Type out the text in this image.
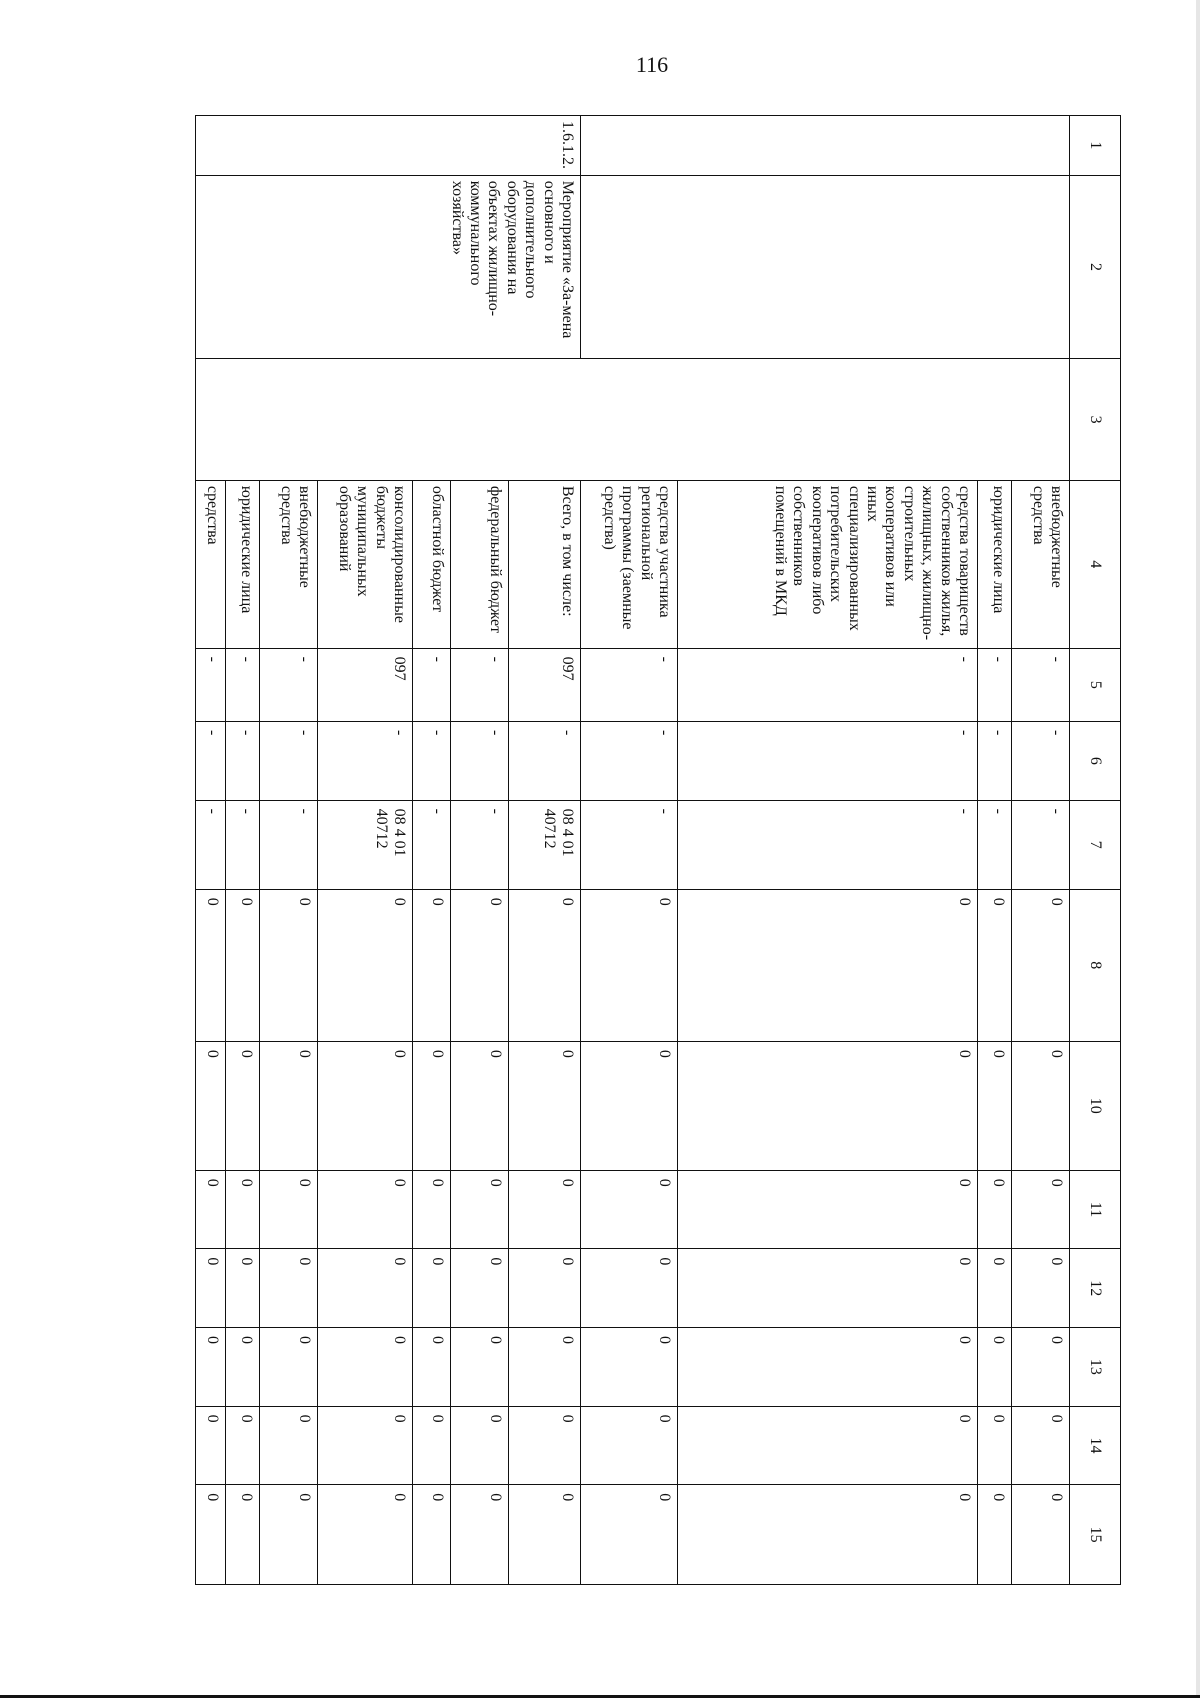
116
1	2	3	4	5	6	7	8	10	11	12	13	14	15
			внебюджетные средства	-	-	-	0	0	0	0	0	0	0
			юридические лица	-	-	-	0	0	0	0	0	0	0
			средства товариществ собственников жилья, жилищных, жилищно-строительных кооперативов или иных специализированных потребительских кооперативов либо собственников помещений в МКД	-	-	-	0	0	0	0	0	0	0
			средства участника региональной программы (заемные средства)	-	-	-	0	0	0	0	0	0	0
1.6.1.2.	Мероприятие «За-мена основного и дополнительного оборудования на объектах жилищно-коммунального хозяйства»		Всего, в том числе:	097	-	08 4 01 40712	0	0	0	0	0	0	0
			федеральный бюджет	-	-	-	0	0	0	0	0	0	0
			областной бюджет	-	-	-	0	0	0	0	0	0	0
			консолидированные бюджеты муниципальных образований	097	-	08 4 01 40712	0	0	0	0	0	0	0
			внебюджетные средства	-	-	-	0	0	0	0	0	0	0
			юридические лица	-	-	-	0	0	0	0	0	0	0
			средства	-	-	-	0	0	0	0	0	0	0
